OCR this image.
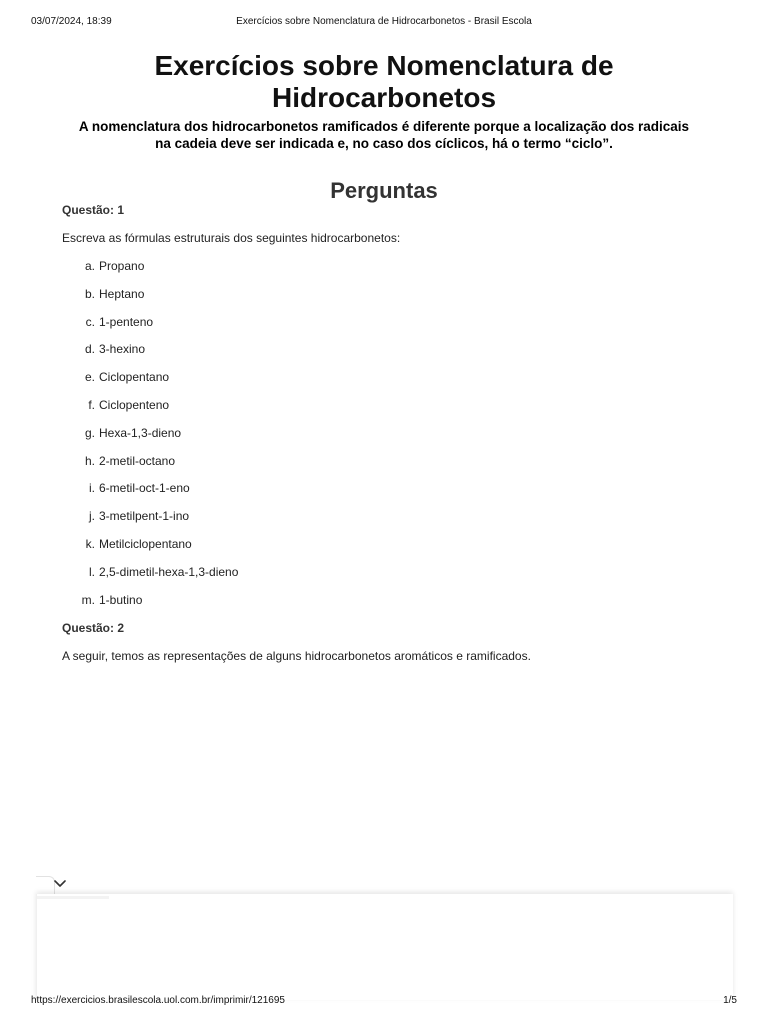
03/07/2024, 18:39	Exercícios sobre Nomenclatura de Hidrocarbonetos - Brasil Escola
Exercícios sobre Nomenclatura de Hidrocarbonetos

A nomenclatura dos hidrocarbonetos ramificados é diferente porque a localização dos radicais na cadeia deve ser indicada e, no caso dos cíclicos, há o termo “ciclo”.

Perguntas
Questão: 1
Escreva as fórmulas estruturais dos seguintes hidrocarbonetos:
a. Propano
b. Heptano
c. 1-penteno
d. 3-hexino
e. Ciclopentano
f. Ciclopenteno
g. Hexa-1,3-dieno
h. 2-metil-octano
i. 6-metil-oct-1-eno
j. 3-metilpent-1-ino
k. Metilciclopentano
l. 2,5-dimetil-hexa-1,3-dieno
m. 1-butino
Questão: 2
A seguir, temos as representações de alguns hidrocarbonetos aromáticos e ramificados.
https://exercicios.brasilescola.uol.com.br/imprimir/121695	1/5
